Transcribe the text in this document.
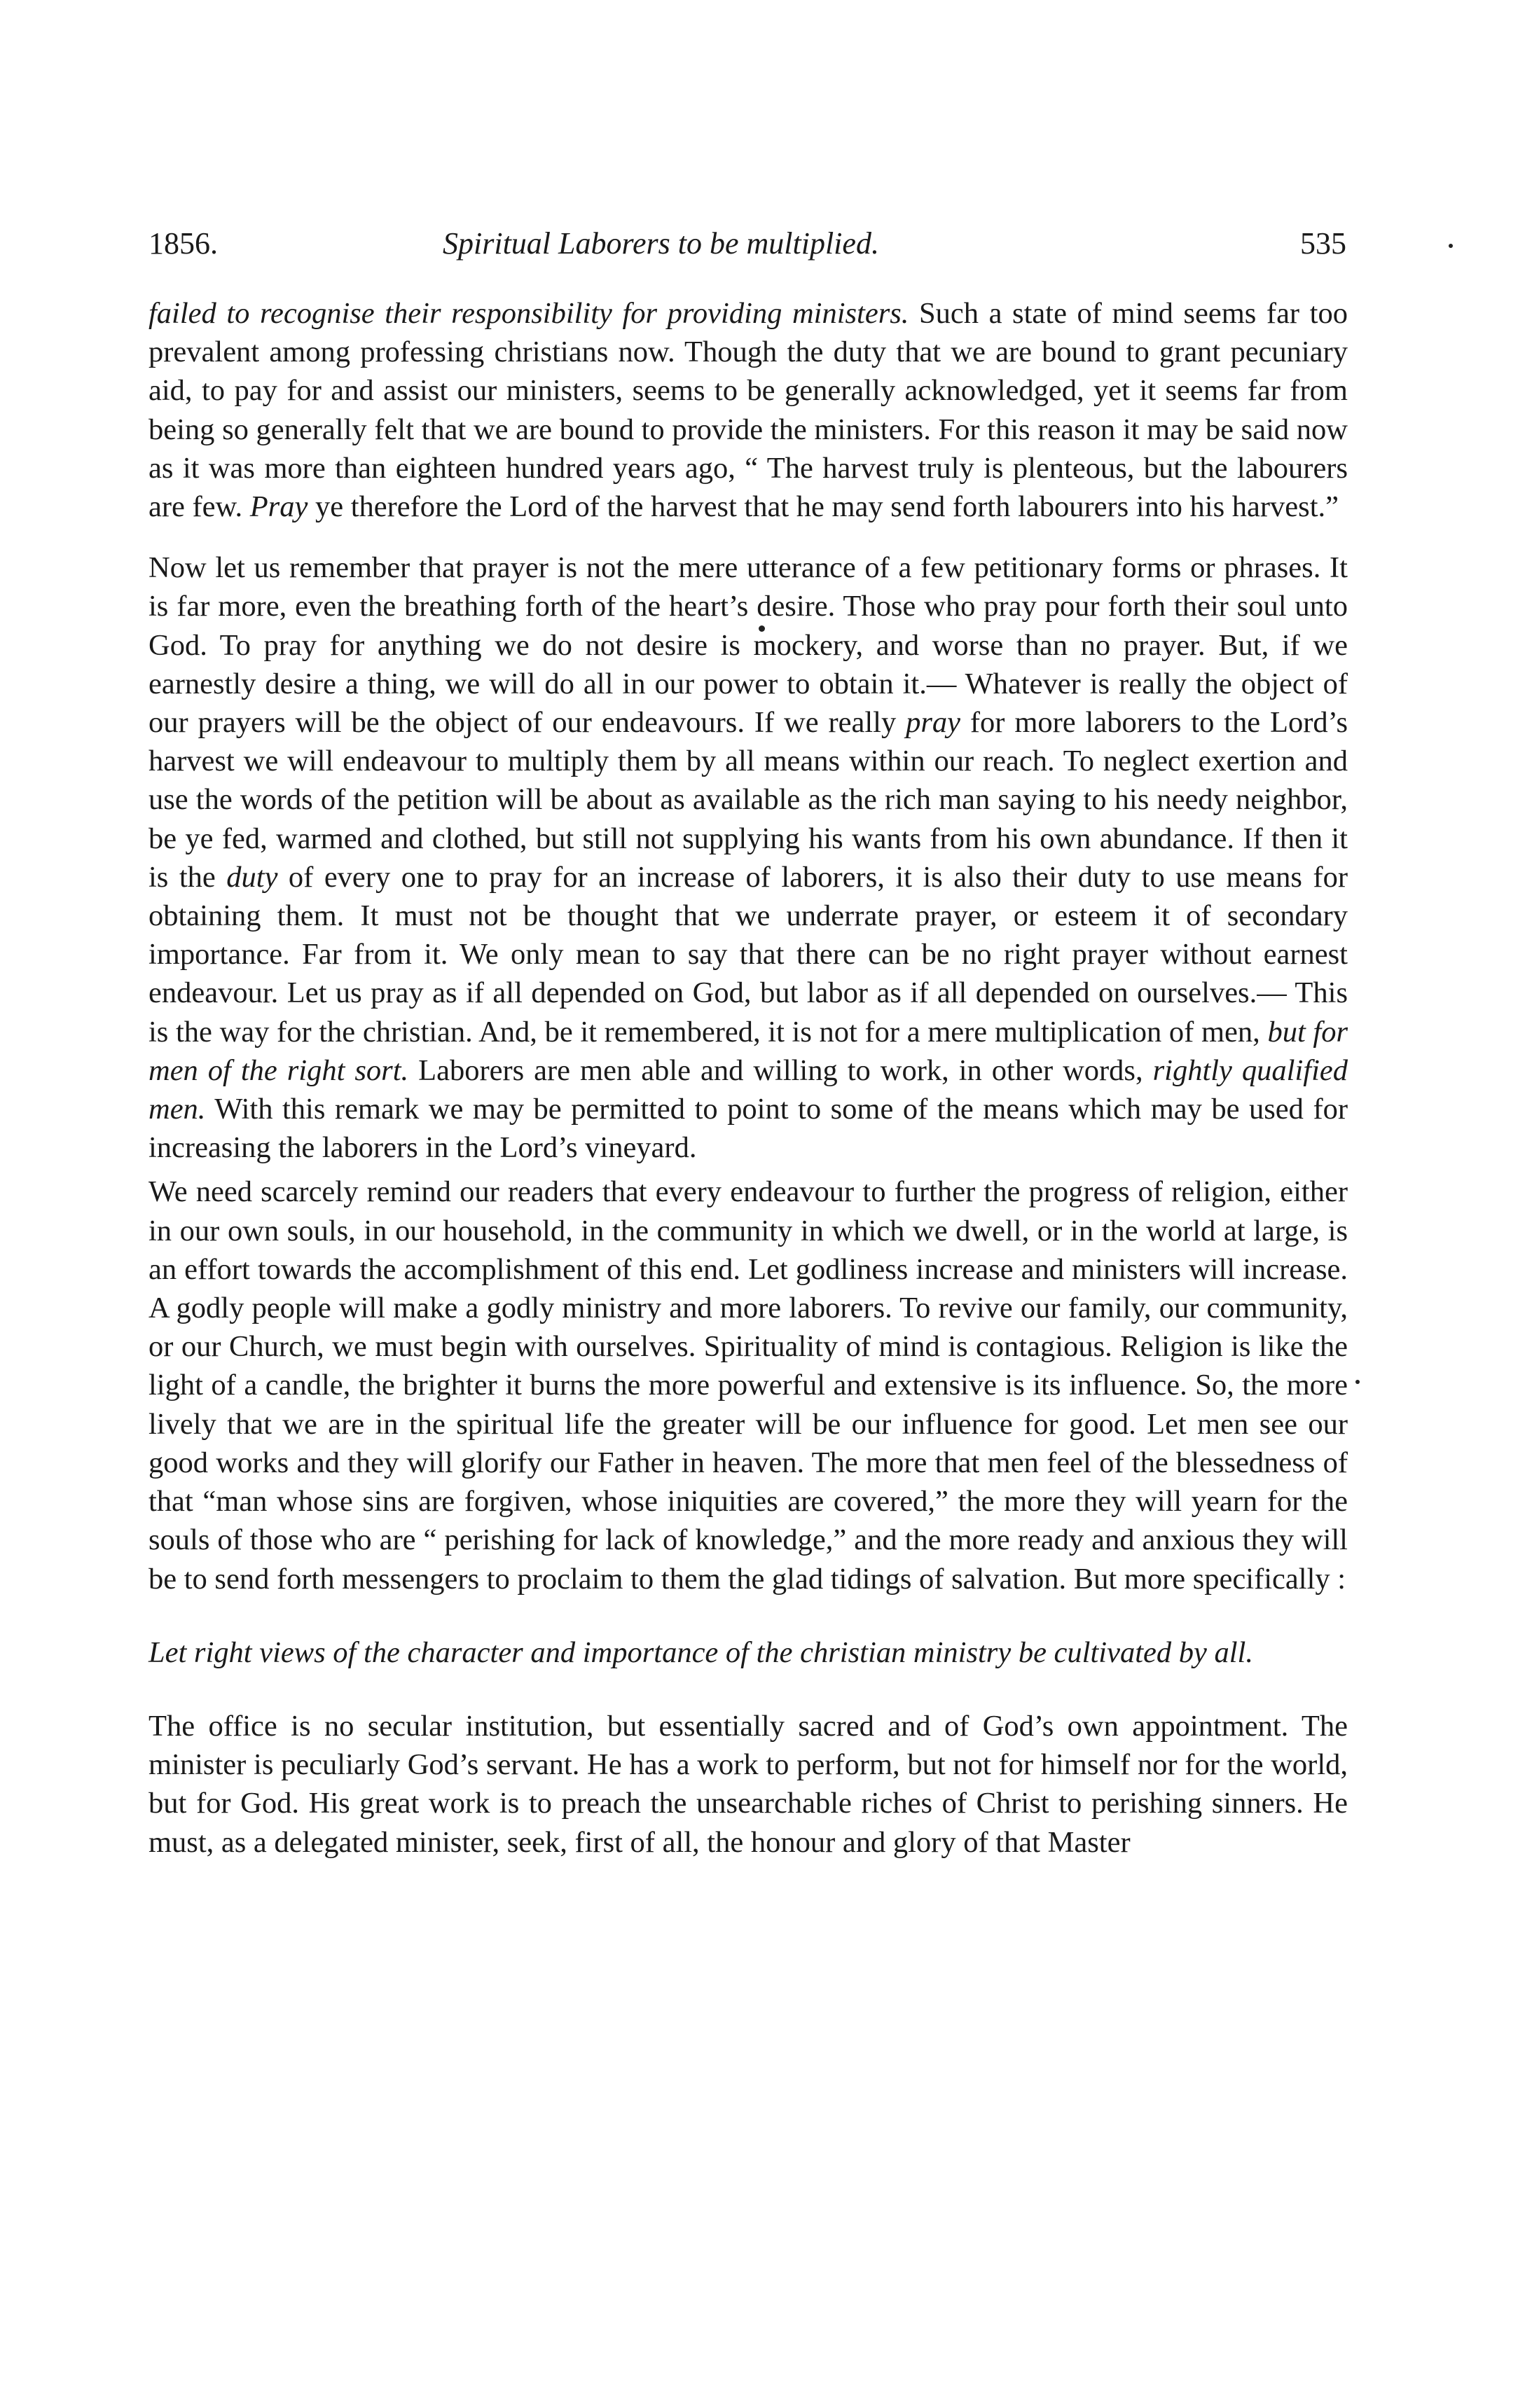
1856.	Spiritual Laborers to be multiplied.	535

failed to recognise their responsibility for providing ministers. Such a state of mind seems far too prevalent among professing christians now. Though the duty that we are bound to grant pecuniary aid, to pay for and assist our ministers, seems to be generally acknowledged, yet it seems far from being so generally felt that we are bound to provide the ministers. For this reason it may be said now as it was more than eighteen hundred years ago, “ The harvest truly is plenteous, but the labourers are few. Pray ye therefore the Lord of the harvest that he may send forth labourers into his harvest.”

Now let us remember that prayer is not the mere utterance of a few petitionary forms or phrases. It is far more, even the breathing forth of the heart’s desire. Those who pray pour forth their soul unto God. To pray for anything we do not desire is mockery, and worse than no prayer. But, if we earnestly desire a thing, we will do all in our power to obtain it.— Whatever is really the object of our prayers will be the object of our endeavours. If we really pray for more laborers to the Lord’s harvest we will endeavour to multiply them by all means within our reach. To neglect exertion and use the words of the petition will be about as available as the rich man saying to his needy neighbor, be ye fed, warmed and clothed, but still not supplying his wants from his own abundance. If then it is the duty of every one to pray for an increase of laborers, it is also their duty to use means for obtaining them. It must not be thought that we underrate prayer, or esteem it of secondary importance. Far from it. We only mean to say that there can be no right prayer without earnest endeavour. Let us pray as if all depended on God, but labor as if all depended on ourselves.— This is the way for the christian. And, be it remembered, it is not for a mere multiplication of men, but for men of the right sort. Laborers are men able and willing to work, in other words, rightly qualified men. With this remark we may be permitted to point to some of the means which may be used for increasing the laborers in the Lord’s vineyard.

We need scarcely remind our readers that every endeavour to further the progress of religion, either in our own souls, in our household, in the community in which we dwell, or in the world at large, is an effort towards the accomplishment of this end. Let godliness increase and ministers will increase. A godly people will make a godly ministry and more laborers. To revive our family, our community, or our Church, we must begin with ourselves. Spirituality of mind is contagious. Religion is like the light of a candle, the brighter it burns the more powerful and extensive is its influence. So, the more lively that we are in the spiritual life the greater will be our influence for good. Let men see our good works and they will glorify our Father in heaven. The more that men feel of the blessedness of that “man whose sins are forgiven, whose iniquities are covered,” the more they will yearn for the souls of those who are “ perishing for lack of knowledge,” and the more ready and anxious they will be to send forth messengers to proclaim to them the glad tidings of salvation. But more specifically :

Let right views of the character and importance of the christian ministry be cultivated by all.

The office is no secular institution, but essentially sacred and of God’s own appointment. The minister is peculiarly God’s servant. He has a work to perform, but not for himself nor for the world, but for God. His great work is to preach the unsearchable riches of Christ to perishing sinners. He must, as a delegated minister, seek, first of all, the honour and glory of that Master
